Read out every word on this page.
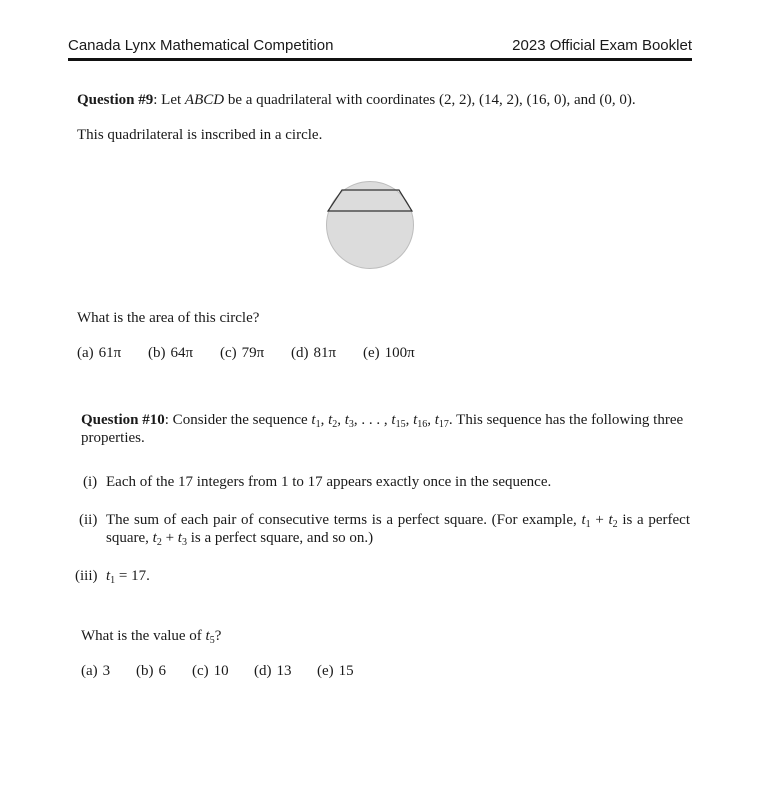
Canada Lynx Mathematical Competition	2023 Official Exam Booklet
Question #9: Let ABCD be a quadrilateral with coordinates (2, 2), (14, 2), (16, 0), and (0, 0).
This quadrilateral is inscribed in a circle.
What is the area of this circle?
(a) 61π (b) 64π (c) 79π (d) 81π (e) 100π
Question #10: Consider the sequence $t_1$, $t_2$, $t_3$, . . . , $t_{15}$, $t_{16}$, $t_{17}$. This sequence has the following three properties.
(i) Each of the 17 integers from 1 to 17 appears exactly once in the sequence.
(ii) The sum of each pair of consecutive terms is a perfect square. (For example, $t_1 + t_2$ is a perfect square, $t_2 + t_3$ is a perfect square, and so on.)
(iii) $t_1 = 17$.
What is the value of $t_5$?
(a) 3 (b) 6 (c) 10 (d) 13 (e) 15
